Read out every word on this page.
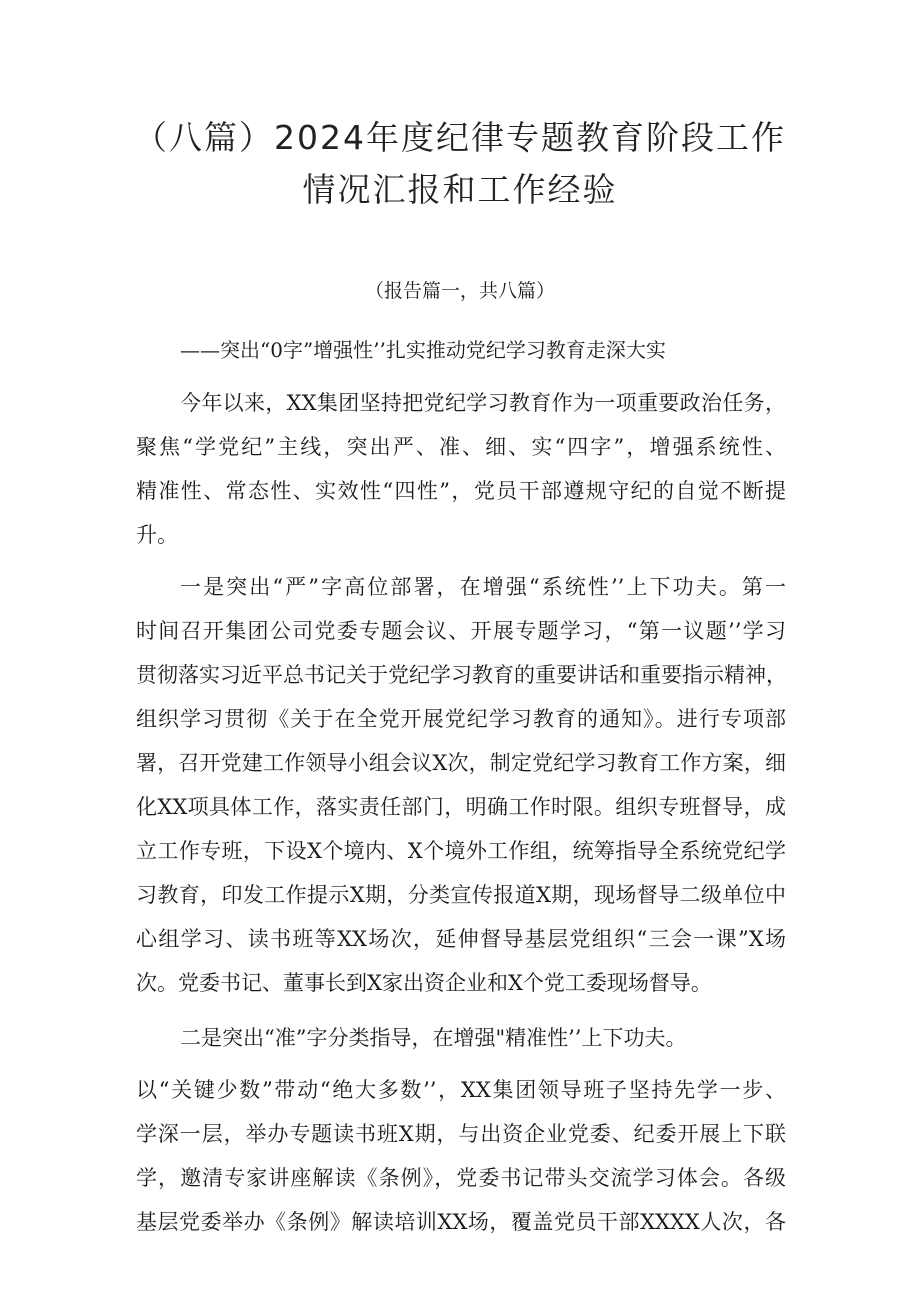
（八篇）2024年度纪律专题教育阶段工作
情况汇报和工作经验
（报告篇一，共八篇）
——突出“0字”增强性’’扎实推动党纪学习教育走深大实
今年以来，XX集团坚持把党纪学习教育作为一项重要政治任务，
聚焦“学党纪”主线，突出严、准、细、实“四字”，增强系统性、
精准性、常态性、实效性“四性”，党员干部遵规守纪的自觉不断提
升。
一是突出“严”字高位部署，在增强“系统性’’上下功夫。第一
时间召开集团公司党委专题会议、开展专题学习，“第一议题’’学习
贯彻落实习近平总书记关于党纪学习教育的重要讲话和重要指示精神，
组织学习贯彻《关于在全党开展党纪学习教育的通知》。进行专项部
署，召开党建工作领导小组会议X次，制定党纪学习教育工作方案，细
化XX项具体工作，落实责任部门，明确工作时限。组织专班督导，成
立工作专班，下设X个境内、X个境外工作组，统筹指导全系统党纪学
习教育，印发工作提示X期，分类宣传报道X期，现场督导二级单位中
心组学习、读书班等XX场次，延伸督导基层党组织“三会一课”X场
次。党委书记、董事长到X家出资企业和X个党工委现场督导。
二是突出“准”字分类指导，在增强"精准性’’上下功夫。
以“关键少数”带动“绝大多数’’，XX集团领导班子坚持先学一步、
学深一层，举办专题读书班X期，与出资企业党委、纪委开展上下联
学，邀清专家讲座解读《条例》，党委书记带头交流学习体会。各级
基层党委举办《条例》解读培训XX场，覆盖党员干部XXXX人次，各
